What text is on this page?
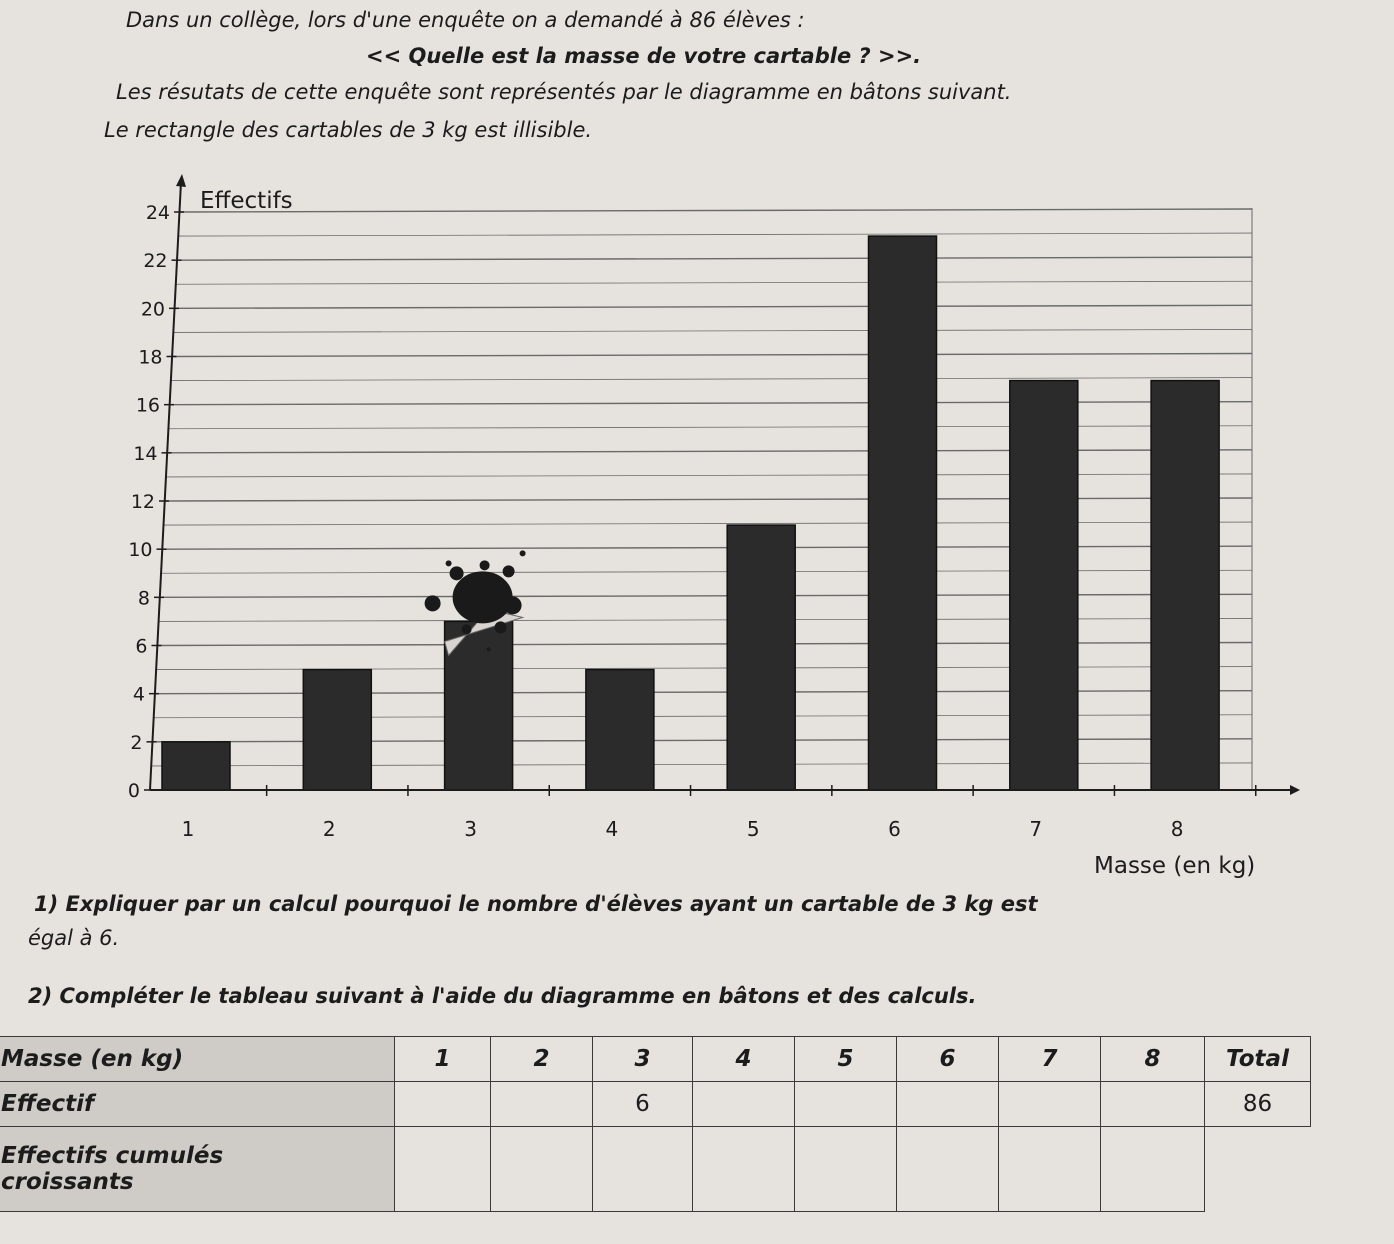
Dans un collège, lors d'une enquête on a demandé à 86 élèves :

<< Quelle est la masse de votre cartable ? >>.

Les résutats de cette enquête sont représentés par le diagramme en bâtons suivant.

Le rectangle des cartables de 3 kg est illisible.

0
2
4
6
8
10
12
14
16
18
20
22
24
1	2	3	4	5	6	7	8
Effectifs
Masse (en kg)

1) Expliquer par un calcul pourquoi le nombre d'élèves ayant un cartable de 3 kg est

égal à 6.

2) Compléter le tableau suivant à l'aide du diagramme en bâtons et des calculs.

Masse (en kg)	1	2	3	4	5	6	7	8	Total
Effectif			6						86
Effectifs cumulés
croissants									
